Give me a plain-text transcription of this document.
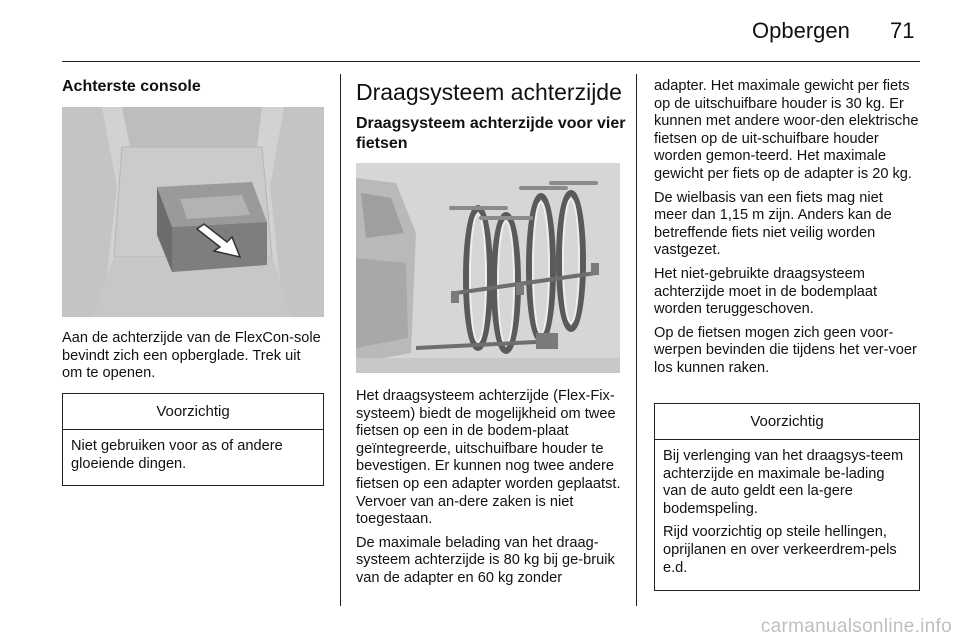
Opbergen 71
Achterste console

Aan de achterzijde van de FlexCon-sole bevindt zich een opberglade. Trek uit om te openen.

Voorzichtig

Niet gebruiken voor as of andere gloeiende dingen.

Draagsysteem achterzijde
Draagsysteem achterzijde voor vier fietsen

Het draagsysteem achterzijde (Flex-Fix-systeem) biedt de mogelijkheid om twee fietsen op een in de bodem-plaat geïntegreerde, uitschuifbare houder te bevestigen. Er kunnen nog twee andere fietsen op een adapter worden geplaatst. Vervoer van an-dere zaken is niet toegestaan.

De maximale belading van het draag-systeem achterzijde is 80 kg bij ge-bruik van de adapter en 60 kg zonder

adapter. Het maximale gewicht per fiets op de uitschuifbare houder is 30 kg. Er kunnen met andere woor-den elektrische fietsen op de uit-schuifbare houder worden gemon-teerd. Het maximale gewicht per fiets op de adapter is 20 kg.

De wielbasis van een fiets mag niet meer dan 1,15 m zijn. Anders kan de betreffende fiets niet veilig worden vastgezet.

Het niet-gebruikte draagsysteem achterzijde moet in de bodemplaat worden teruggeschoven.

Op de fietsen mogen zich geen voor-werpen bevinden die tijdens het ver-voer los kunnen raken.

Voorzichtig

Bij verlenging van het draagsys-teem achterzijde en maximale be-lading van de auto geldt een la-gere bodemspeling.

Rijd voorzichtig op steile hellingen, oprijlanen en over verkeerdrem-pels e.d.

carmanualsonline.info
